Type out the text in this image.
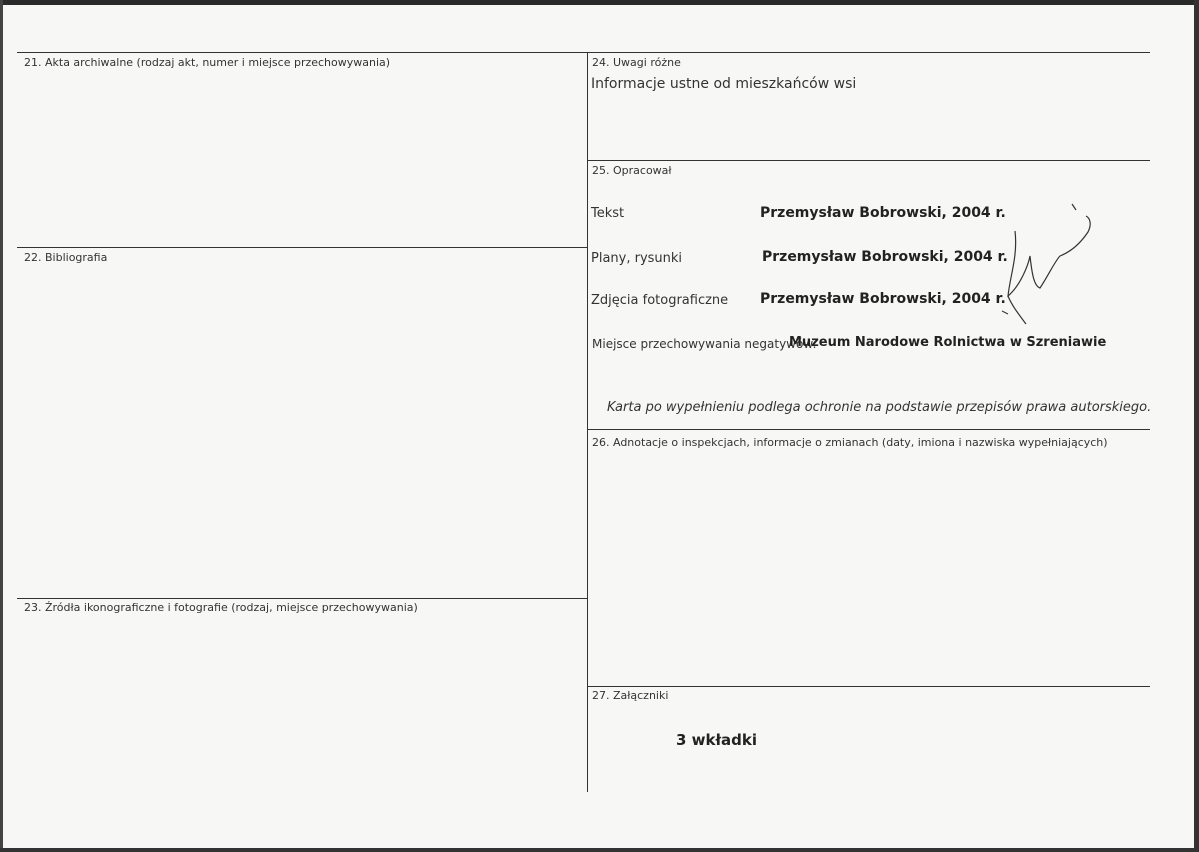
21. Akta archiwalne (rodzaj akt, numer i miejsce przechowywania)
22. Bibliografia
23. Źródła ikonograficzne i fotografie (rodzaj, miejsce przechowywania)
24. Uwagi różne
Informacje ustne od mieszkańców wsi
25. Opracował
Tekst	Przemysław Bobrowski, 2004 r.
Plany, rysunki	Przemysław Bobrowski, 2004 r.
Zdjęcia fotograficzne Przemysław Bobrowski, 2004 r.
Miejsce przechowywania negatywów:
Muzeum Narodowe Rolnictwa w Szreniawie
Karta po wypełnieniu podlega ochronie na podstawie przepisów prawa autorskiego.
26. Adnotacje o inspekcjach, informacje o zmianach (daty, imiona i nazwiska wypełniających)
27. Załączniki
3 wkładki
